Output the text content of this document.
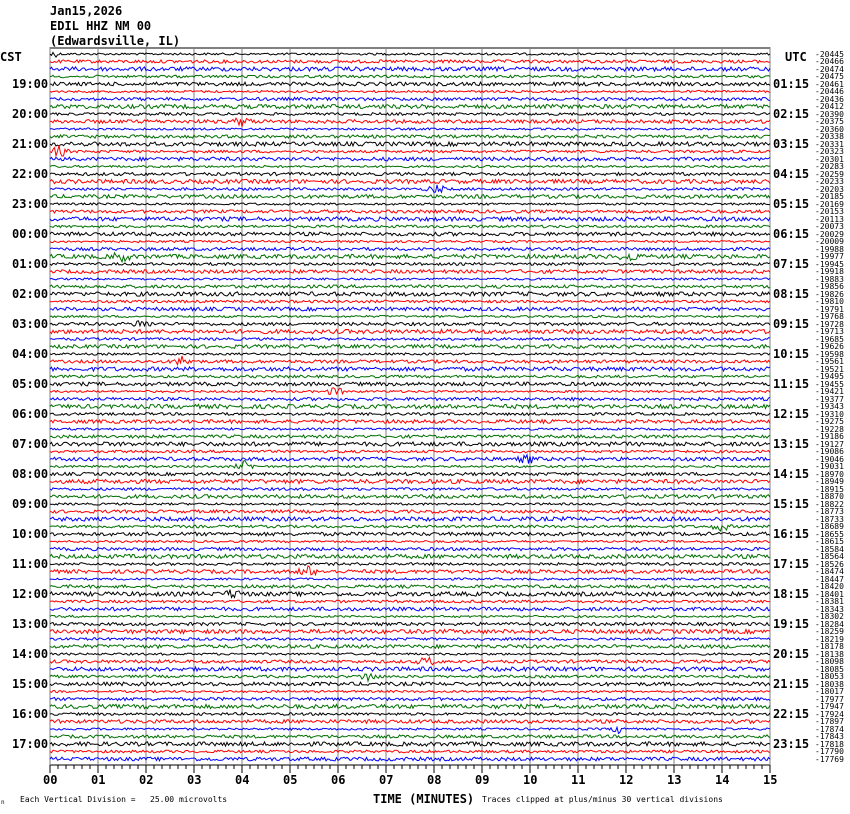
Jan15,2026
EDIL HHZ NM 00
(Edwardsville, IL)
CST	UTC -20445
-20466
-20474
-20475
-20461
-20446
-20436
-20412
-20390
-20375
-20360
-20338
-20331
-20323
-20301
-20283
-20259
-20233
-20203
-20185
-20169
-20153
-20113
-20073
-20029
-20009
-19988
-19977
-19945
-19918
-19883
-19856
-19826
-19810
-19791
-19768
-19728
-19713
-19685
-19626
-19598
-19561
-19521
-19495
-19455
-19421
-19377
-19343
-19310
-19275
-19228
-19186
-19127
-19086
-19046
-19031
-18970
-18949
-18915
-18870
-18822
-18773
-18733
-18689
-18655
-18615
-18584
-18564
-18526
-18474
-18447
-18420
-18401
-18381
-18343
-18302
-18284
-18259
-18219
-18178
-18138
-18098
-18085
-18053
-18038
-18017
-17977
-17947
-17924
-17897
-17874
-17843
-17818
-17790
-17769
19:00
20:00
21:00
22:00
23:00
00:00
01:00
02:00
03:00
04:00
05:00
06:00
07:00
08:00
09:00
10:00
11:00
12:00
13:00
14:00
15:00
16:00
17:00
01:15
02:15
03:15
04:15
05:15
06:15
07:15
08:15
09:15
10:15
11:15
12:15
13:15
14:15
15:15
16:15
17:15
18:15
19:15
20:15
21:15
22:15
23:15
00	01	02	03	04	05	06	07	08	09	10	11	12	13	14	15
n Each Vertical Division =   25.00 microvolts	TIME (MINUTES) Traces clipped at plus/minus 30 vertical divisions
